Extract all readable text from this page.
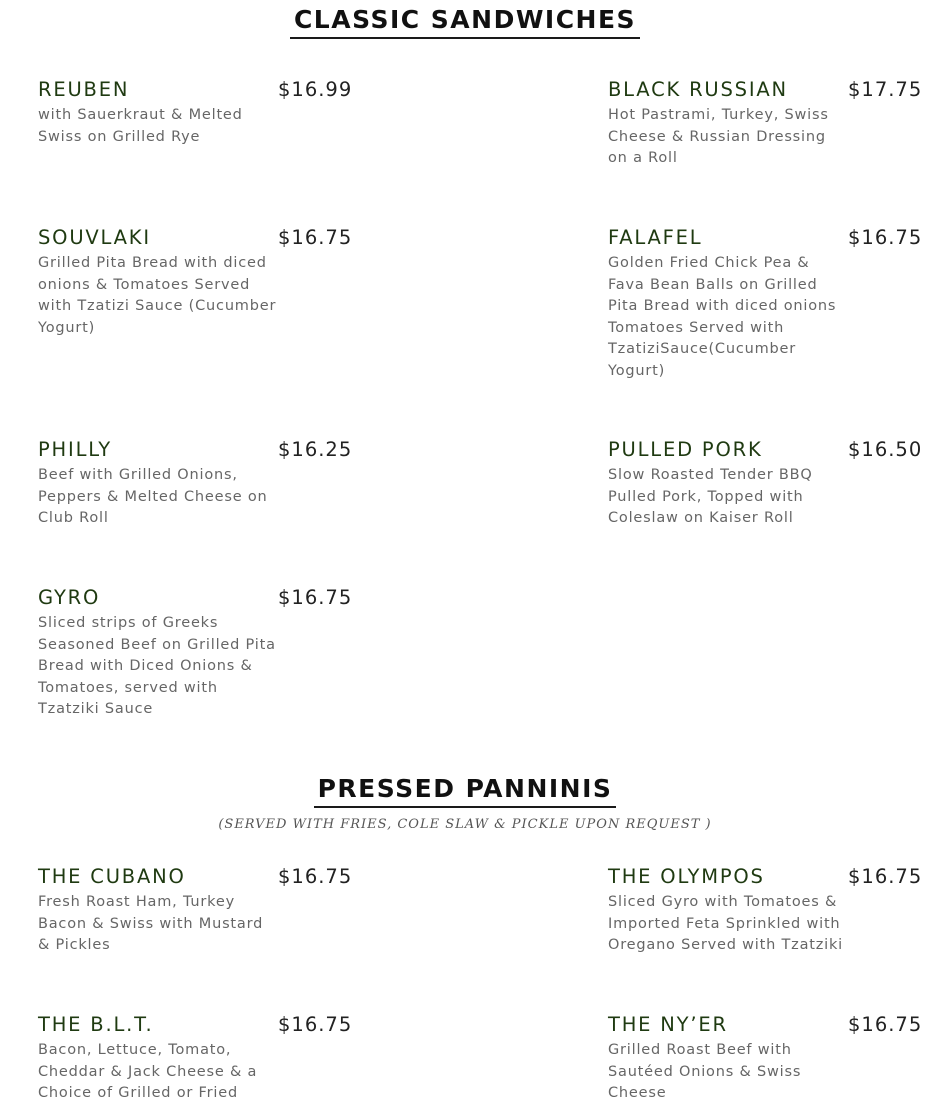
CLASSIC SANDWICHES
REUBEN	$16.99
with Sauerkraut & Melted Swiss on Grilled Rye
BLACK RUSSIAN	$17.75
Hot Pastrami, Turkey, Swiss Cheese & Russian Dressing on a Roll
SOUVLAKI	$16.75
Grilled Pita Bread with diced onions & Tomatoes Served with Tzatizi Sauce (Cucumber Yogurt)
FALAFEL	$16.75
Golden Fried Chick Pea & Fava Bean Balls on Grilled Pita Bread with diced onions Tomatoes Served with TzatiziSauce(Cucumber Yogurt)
PHILLY	$16.25
Beef with Grilled Onions, Peppers & Melted Cheese on Club Roll
PULLED PORK	$16.50
Slow Roasted Tender BBQ Pulled Pork, Topped with Coleslaw on Kaiser Roll
GYRO	$16.75
Sliced strips of Greeks Seasoned Beef on Grilled Pita Bread with Diced Onions & Tomatoes, served with Tzatziki Sauce
PRESSED PANNINIS
(SERVED WITH FRIES, COLE SLAW & PICKLE UPON REQUEST )
THE CUBANO	$16.75
Fresh Roast Ham, Turkey Bacon & Swiss with Mustard & Pickles
THE OLYMPOS	$16.75
Sliced Gyro with Tomatoes & Imported Feta Sprinkled with Oregano Served with Tzatziki
THE B.L.T.	$16.75
Bacon, Lettuce, Tomato, Cheddar & Jack Cheese & a Choice of Grilled or Fried
THE NY’ER	$16.75
Grilled Roast Beef with Sautéed Onions & Swiss Cheese
